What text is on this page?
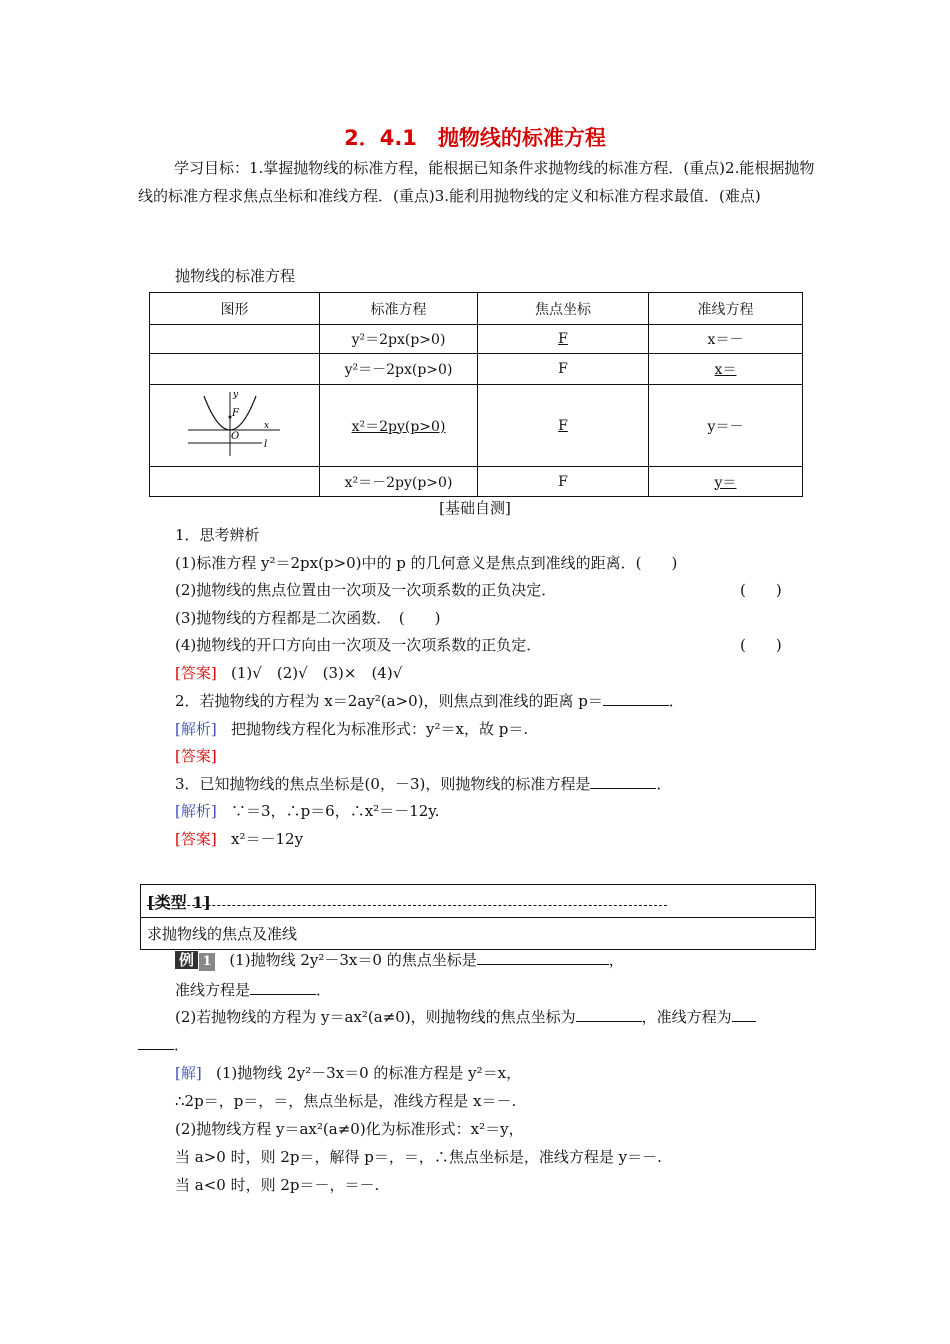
2．4.1　抛物线的标准方程
学习目标：1.掌握抛物线的标准方程，能根据已知条件求抛物线的标准方程．(重点)2.能根据抛物线的标准方程求焦点坐标和准线方程．(重点)3.能利用抛物线的定义和标准方程求最值．(难点)
抛物线的标准方程
图形	标准方程	焦点坐标	准线方程
	y²＝2px(p>0)	F	x＝－
	y²＝－2px(p>0)	F	x＝

y
F
O
x
l	x²＝2py(p>0)	F	y＝－
	x²＝－2py(p>0)	F	y＝
[基础自测]
1．思考辨析
(1)标准方程 y²＝2px(p>0)中的 p 的几何意义是焦点到准线的距离．(　　)
(2)抛物线的焦点位置由一次项及一次项系数的正负决定．	(　　)
(3)抛物线的方程都是二次函数．　(　　)
(4)抛物线的开口方向由一次项及一次项系数的正负定．	(　　)
[答案] (1)√　(2)√　(3)×　(4)√
2．若抛物线的方程为 x＝2ay²(a>0)，则焦点到准线的距离 p＝	．
[解析] 把抛物线方程化为标准形式：y²＝x，故 p＝.
[答案]
3．已知抛物线的焦点坐标是(0，－3)，则抛物线的标准方程是	．
[解析] ∵＝3，∴p＝6，∴x²＝－12y.
[答案] x²＝－12y
[类型 1]
求抛物线的焦点及准线
例 1 (1)抛物线 2y²－3x＝0 的焦点坐标是	，
准线方程是	．
(2)若抛物线的方程为 y＝ax²(a≠0)，则抛物线的焦点坐标为	，准线方程为
．
[解] (1)抛物线 2y²－3x＝0 的标准方程是 y²＝x，
∴2p＝，p＝，＝，焦点坐标是，准线方程是 x＝－.
(2)抛物线方程 y＝ax²(a≠0)化为标准形式：x²＝y，
当 a>0 时，则 2p＝，解得 p＝，＝，∴焦点坐标是，准线方程是 y＝－.
当 a<0 时，则 2p＝－，＝－.
